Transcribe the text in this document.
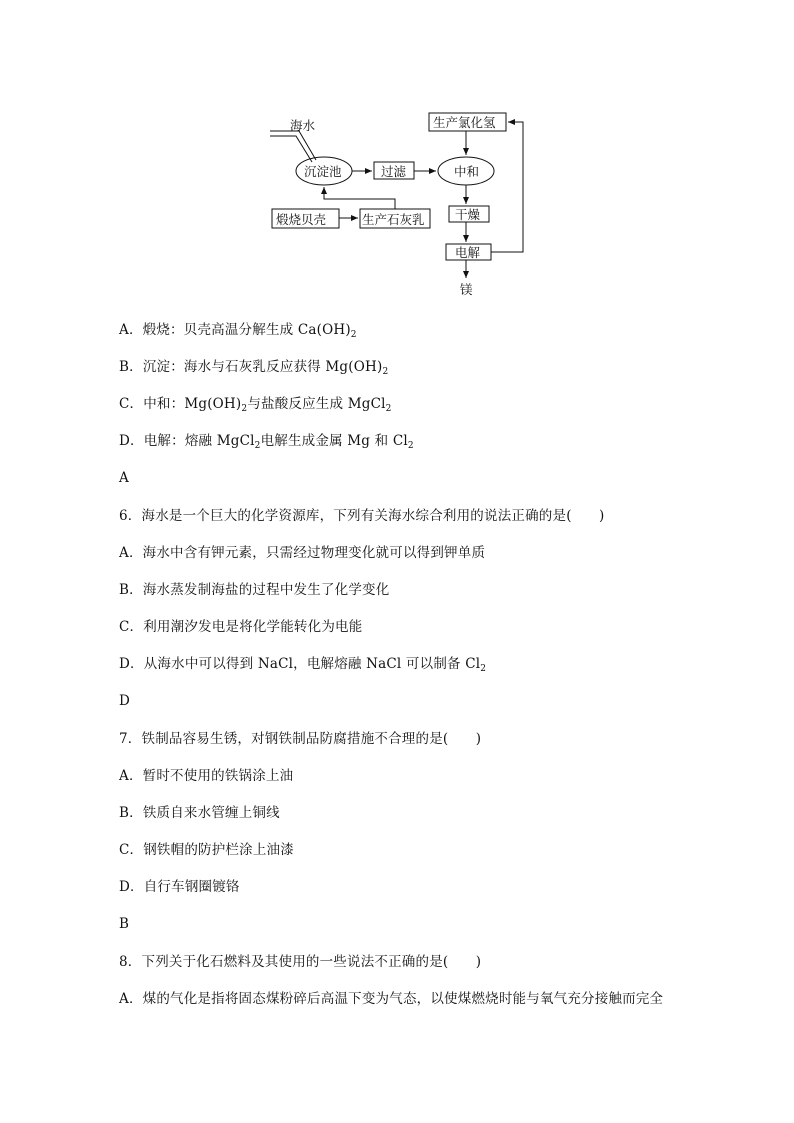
海水
沉淀池	过滤	中和
生产氯化氢
干燥
电解
镁
煅烧贝壳	生产石灰乳
A．煅烧：贝壳高温分解生成 $Ca(OH)_2$
B．沉淀：海水与石灰乳反应获得 $Mg(OH)_2$
C．中和：$Mg(OH)_2$与盐酸反应生成 MgCl$_2$
D．电解：熔融 MgCl$_2$电解生成金属 Mg 和 $Cl_2$
A
6．海水是一个巨大的化学资源库，下列有关海水综合利用的说法正确的是(　　)
A．海水中含有钾元素，只需经过物理变化就可以得到钾单质
B．海水蒸发制海盐的过程中发生了化学变化
C．利用潮汐发电是将化学能转化为电能
D．从海水中可以得到 NaCl，电解熔融 NaCl 可以制备 $Cl_2$
D
7．铁制品容易生锈，对钢铁制品防腐措施不合理的是(　　)
A．暂时不使用的铁锅涂上油
B．铁质自来水管缠上铜线
C．钢铁帽的防护栏涂上油漆
D．自行车钢圈镀铬
B
8．下列关于化石燃料及其使用的一些说法不正确的是(　　)
A．煤的气化是指将固态煤粉碎后高温下变为气态，以使煤燃烧时能与氧气充分接触而完全
